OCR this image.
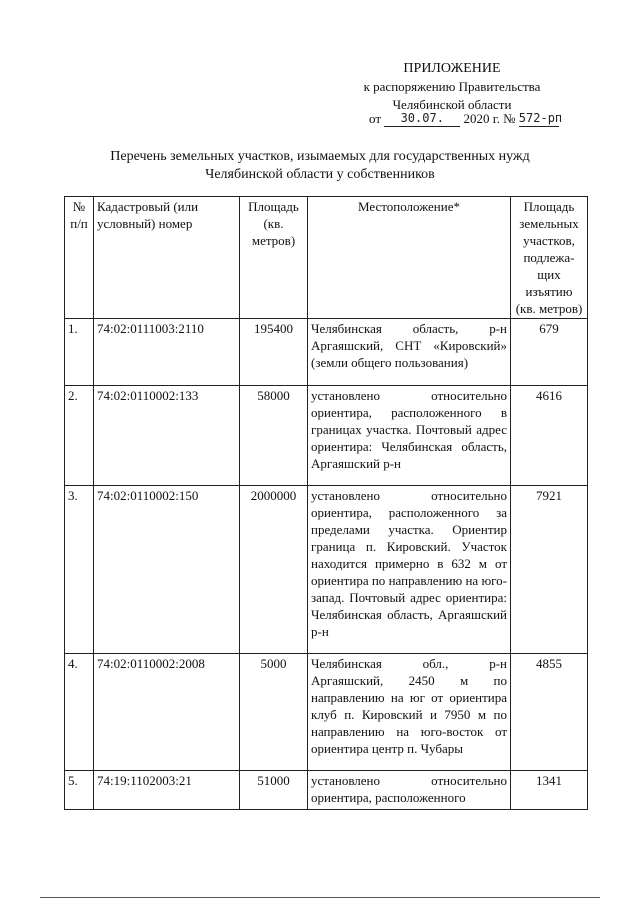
ПРИЛОЖЕНИЕ
к распоряжению Правительства
Челябинской области
от 30.07. 2020 г. № 572-рп
Перечень земельных участков, изымаемых для государственных нужд
Челябинской области у собственников
№ п/п	Кадастровый (или условный) номер	Площадь (кв. метров)	Местоположение*	Площадь земельных участков, подлежа-щих изъятию (кв. метров)
1.	74:02:0111003:2110	195400	Челябинская область, р-н Аргаяшский, СНТ «Кировский» (земли общего пользования)	679
2.	74:02:0110002:133	58000	установлено относительно ориентира, расположенного в границах участка. Почтовый адрес ориентира: Челябинская область, Аргаяшский р-н	4616
3.	74:02:0110002:150	2000000	установлено относительно ориентира, расположенного за пределами участка. Ориентир граница п. Кировский. Участок находится примерно в 632 м от ориентира по направлению на юго-запад. Почтовый адрес ориентира: Челябинская область, Аргаяшский р-н	7921
4.	74:02:0110002:2008	5000	Челябинская обл., р-н Аргаяшский, 2450 м по направлению на юг от ориентира клуб п. Кировский и 7950 м по направлению на юго-восток от ориентира центр п. Чубары	4855
5.	74:19:1102003:21	51000	установлено относительно ориентира, расположенного	1341
